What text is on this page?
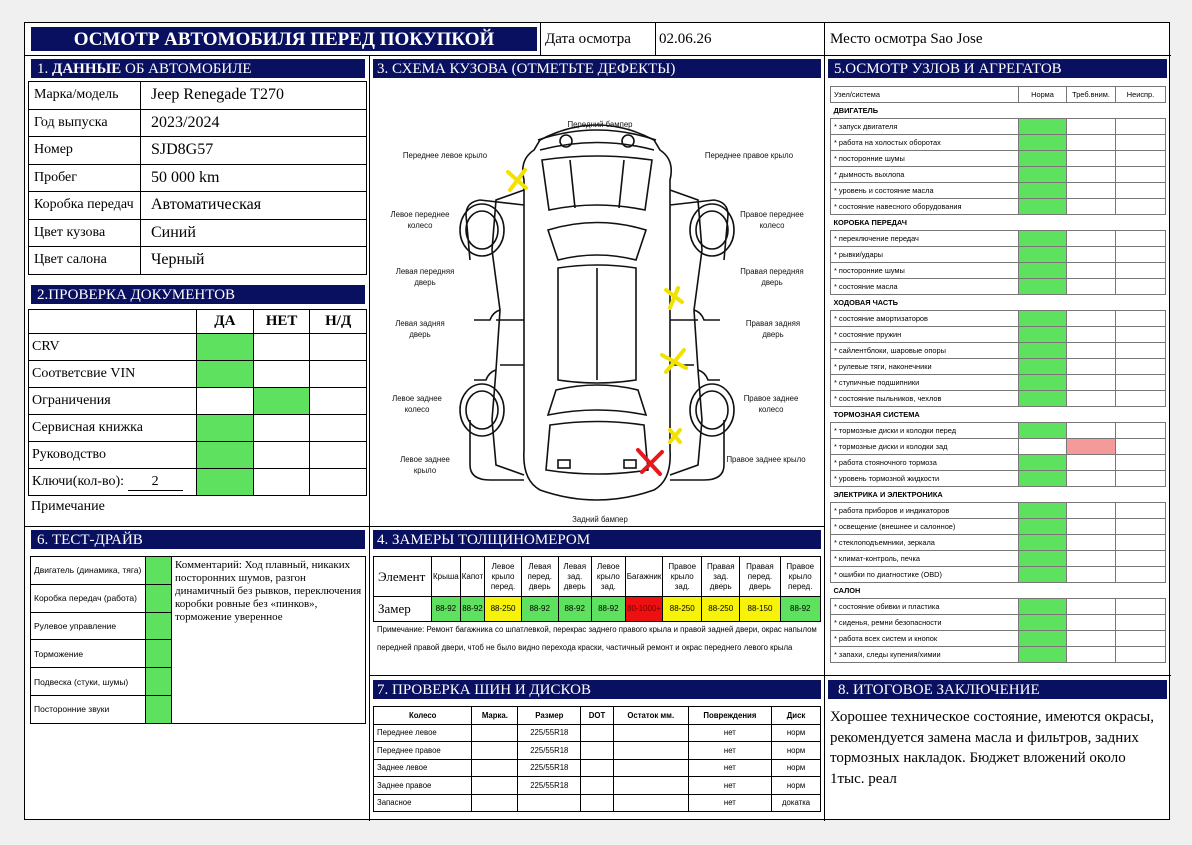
ОСМОТР АВТОМОБИЛЯ ПЕРЕД ПОКУПКОЙ	Дата осмотра 02.06.26	Место осмотра Sao Jose
1. ДАННЫЕ ОБ АВТОМОБИЛЕ
Марка/модель	Jeep Renegade T270
Год выпуска	2023/2024
Номер	SJD8G57
Пробег	50 000 km
Коробка передач	Автоматическая
Цвет кузова	Синий
Цвет салона	Черный
2.ПРОВЕРКА ДОКУМЕНТОВ
	ДА	НЕТ	Н/Д
CRV			
Соответсвие VIN			
Ограничения			
Сервисная книжка			
Руководство			
Ключи(кол-во): 2			
Примечание
6. ТЕСТ-ДРАЙВ
Двигатель (динамика, тяга)	
Коробка передач (работа)	
Рулевое управление	
Торможение	
Подвеска (стуки, шумы)	
Посторонние звуки	
Комментарий: Ход плавный, никаких посторонних шумов, разгон динамичный без рывков, переключения коробки ровные без «пинков», торможение уверенное
3. СХЕМА КУЗОВА (ОТМЕТЬТЕ ДЕФЕКТЫ)
Передний бампер
Переднее левое крыло	Переднее правое крыло
Левое переднее колесо
Правое переднее колесо
Левая передняя дверь
Правая передняя дверь
Левая задняя дверь
Правая задняя дверь
Левое заднее колесо
Правое заднее колесо
Левое заднее крыло
Правое заднее крыло
Задний бампер
4. ЗАМЕРЫ ТОЛЩИНОМЕРОМ
Элемент	Крыша	Капот	Левое крыло перед.	Левая перед. дверь	Левая зад. дверь	Левое крыло зад.	Багажник	Правое крыло зад.	Правая зад. дверь	Правая перед. дверь	Правое крыло перед.
Замер	88-92	88-92	88-250	88-92	88-92	88-92	80-1000+	88-250	88-250	88-150	88-92
Примечание: Ремонт багажника со шпатлевкой, перекрас заднего правого крыла и правой задней двери, окрас напылом передней правой двери, чтоб не было видно перехода краски, частичный ремонт и окрас переднего левого крыла
7. ПРОВЕРКА ШИН И ДИСКОВ
Колесо	Марка.	Размер	DOT	Остаток мм.	Повреждения	Диск
Переднее левое		225/55R18			нет	норм
Переднее правое		225/55R18			нет	норм
Заднее левое		225/55R18			нет	норм
Заднее правое		225/55R18			нет	норм
Запасное					нет	докатка
5.ОСМОТР УЗЛОВ И АГРЕГАТОВ
Узел/система	Норма	Треб.вним.	Неиспр.
ДВИГАТЕЛЬ			
* запуск двигателя			
* работа на холостых оборотах			
* посторонние шумы			
* дымность выхлопа			
* уровень и состояние масла			
* состояние навесного оборудования			
КОРОБКА ПЕРЕДАЧ			
* переключение передач			
* рывки/удары			
* посторонние шумы			
* состояние масла			
ХОДОВАЯ ЧАСТЬ			
* состояние амортизаторов			
* состояние пружин			
* сайлентблоки, шаровые опоры			
* рулевые тяги, наконечники			
* ступичные подшипники			
* состояние пыльников, чехлов			
ТОРМОЗНАЯ СИСТЕМА			
* тормозные диски и колодки перед			
* тормозные диски и колодки зад			
* работа стояночного тормоза			
* уровень тормозной жидкости			
ЭЛЕКТРИКА И ЭЛЕКТРОНИКА			
* работа приборов и индикаторов			
* освещение (внешнее и салонное)			
* стеклоподъемники, зеркала			
* климат-контроль, печка			
* ошибки по диагностике (OBD)			
САЛОН			
* состояние обивки и пластика			
* сиденья, ремни безопасности			
* работа всех систем и кнопок			
* запахи, следы купения/химии			
8. ИТОГОВОЕ ЗАКЛЮЧЕНИЕ
Хорошее техническое состояние, имеются окрасы, рекомендуется замена масла и фильтров, задних тормозных накладок. Бюджет вложений около 1тыс. реал
